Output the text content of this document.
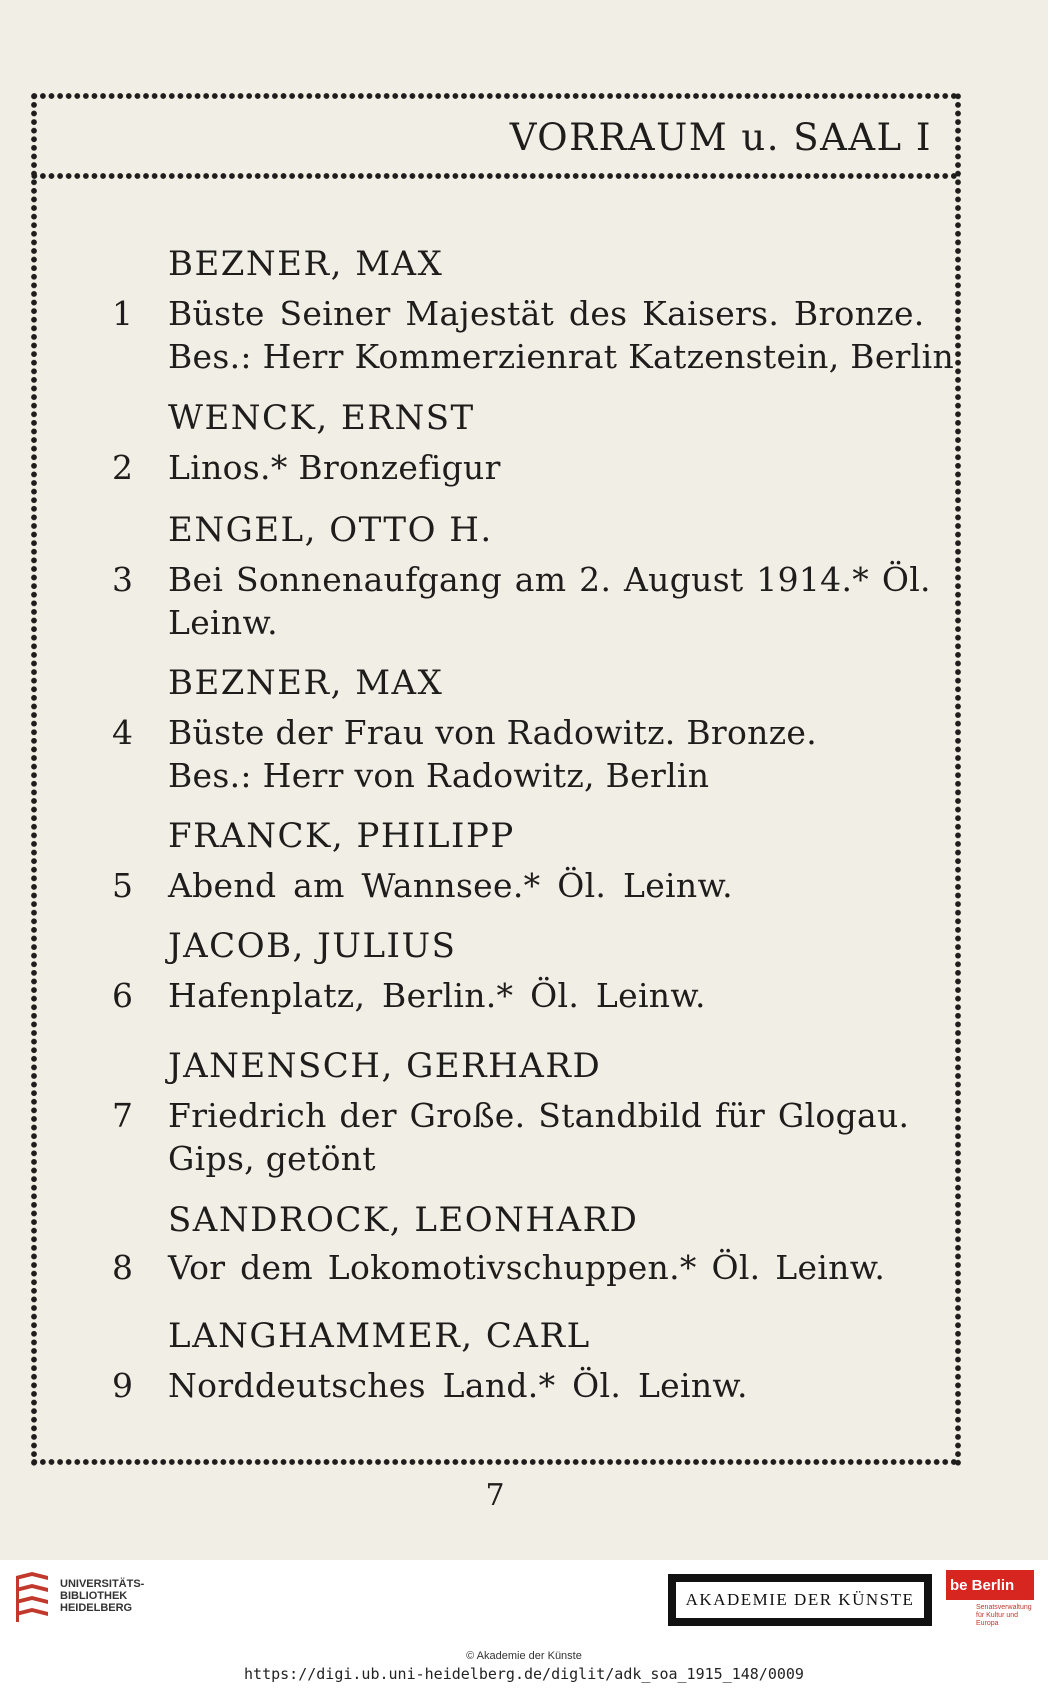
VORRAUM u. SAAL I
BEZNER, MAX
1 Büste Seiner Majestät des Kaisers. Bronze.
Bes.: Herr Kommerzienrat Katzenstein, Berlin
WENCK, ERNST
2 Linos.* Bronzefigur
ENGEL, OTTO H.
3 Bei Sonnenaufgang am 2. August 1914.* Öl.
Leinw.
BEZNER, MAX
4 Büste der Frau von Radowitz. Bronze.
Bes.: Herr von Radowitz, Berlin
FRANCK, PHILIPP
5 Abend am Wannsee.* Öl. Leinw.
JACOB, JULIUS
6 Hafenplatz, Berlin.* Öl. Leinw.
JANENSCH, GERHARD
7 Friedrich der Große. Standbild für Glogau.
Gips, getönt
SANDROCK, LEONHARD
8 Vor dem Lokomotivschuppen.* Öl. Leinw.
LANGHAMMER, CARL
9 Norddeutsches Land.* Öl. Leinw.
7
UNIVERSITÄTS-
BIBLIOTHEK
HEIDELBERG	AKADEMIE DER KÜNSTE
be Berlin
Senatsverwaltung
für Kultur und Europa
© Akademie der Künste
https://digi.ub.uni-heidelberg.de/diglit/adk_soa_1915_148/0009
